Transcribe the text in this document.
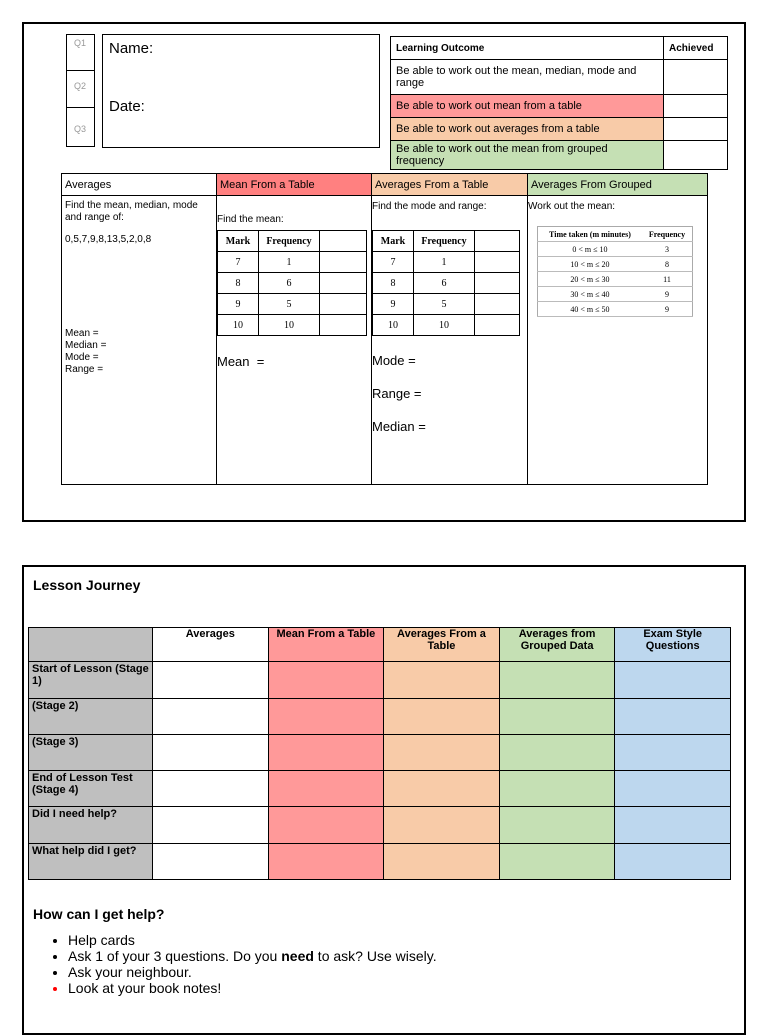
Q1
Q2
Q3
Name:
Date:
Learning Outcome	Achieved
Be able to work out the mean, median, mode and range	
Be able to work out mean from a table	
Be able to work out averages from a table	
Be able to work out the mean from grouped frequency	
Averages
Find the mean, median, mode and range of:
0,5,7,9,8,13,5,2,0,8
Mean =
Median =
Mode =
Range =
Mean From a Table
Find the mean:
Mark	Frequency	
7	1	
8	6	
9	5	
10	10	
Mean  =
Averages From a Table
Find the mode and range:
Mark	Frequency	
7	1	
8	6	
9	5	
10	10	
Mode =
Range =
Median =
Averages From Grouped
Work out the mean:
Time taken (m minutes)	Frequency
0 < m ≤ 10	3
10 < m ≤ 20	8
20 < m ≤ 30	11
30 < m ≤ 40	9
40 < m ≤ 50	9
Lesson Journey
	Averages	Mean From a Table	Averages From a Table	Averages from Grouped Data	Exam Style Questions
Start of Lesson (Stage 1)					
(Stage 2)					
(Stage 3)					
End of Lesson Test (Stage 4)					
Did I need help?					
What help did I get?					
How can I get help?
• Help cards
• Ask 1 of your 3 questions. Do you need to ask? Use wisely.
• Ask your neighbour.
• Look at your book notes!
